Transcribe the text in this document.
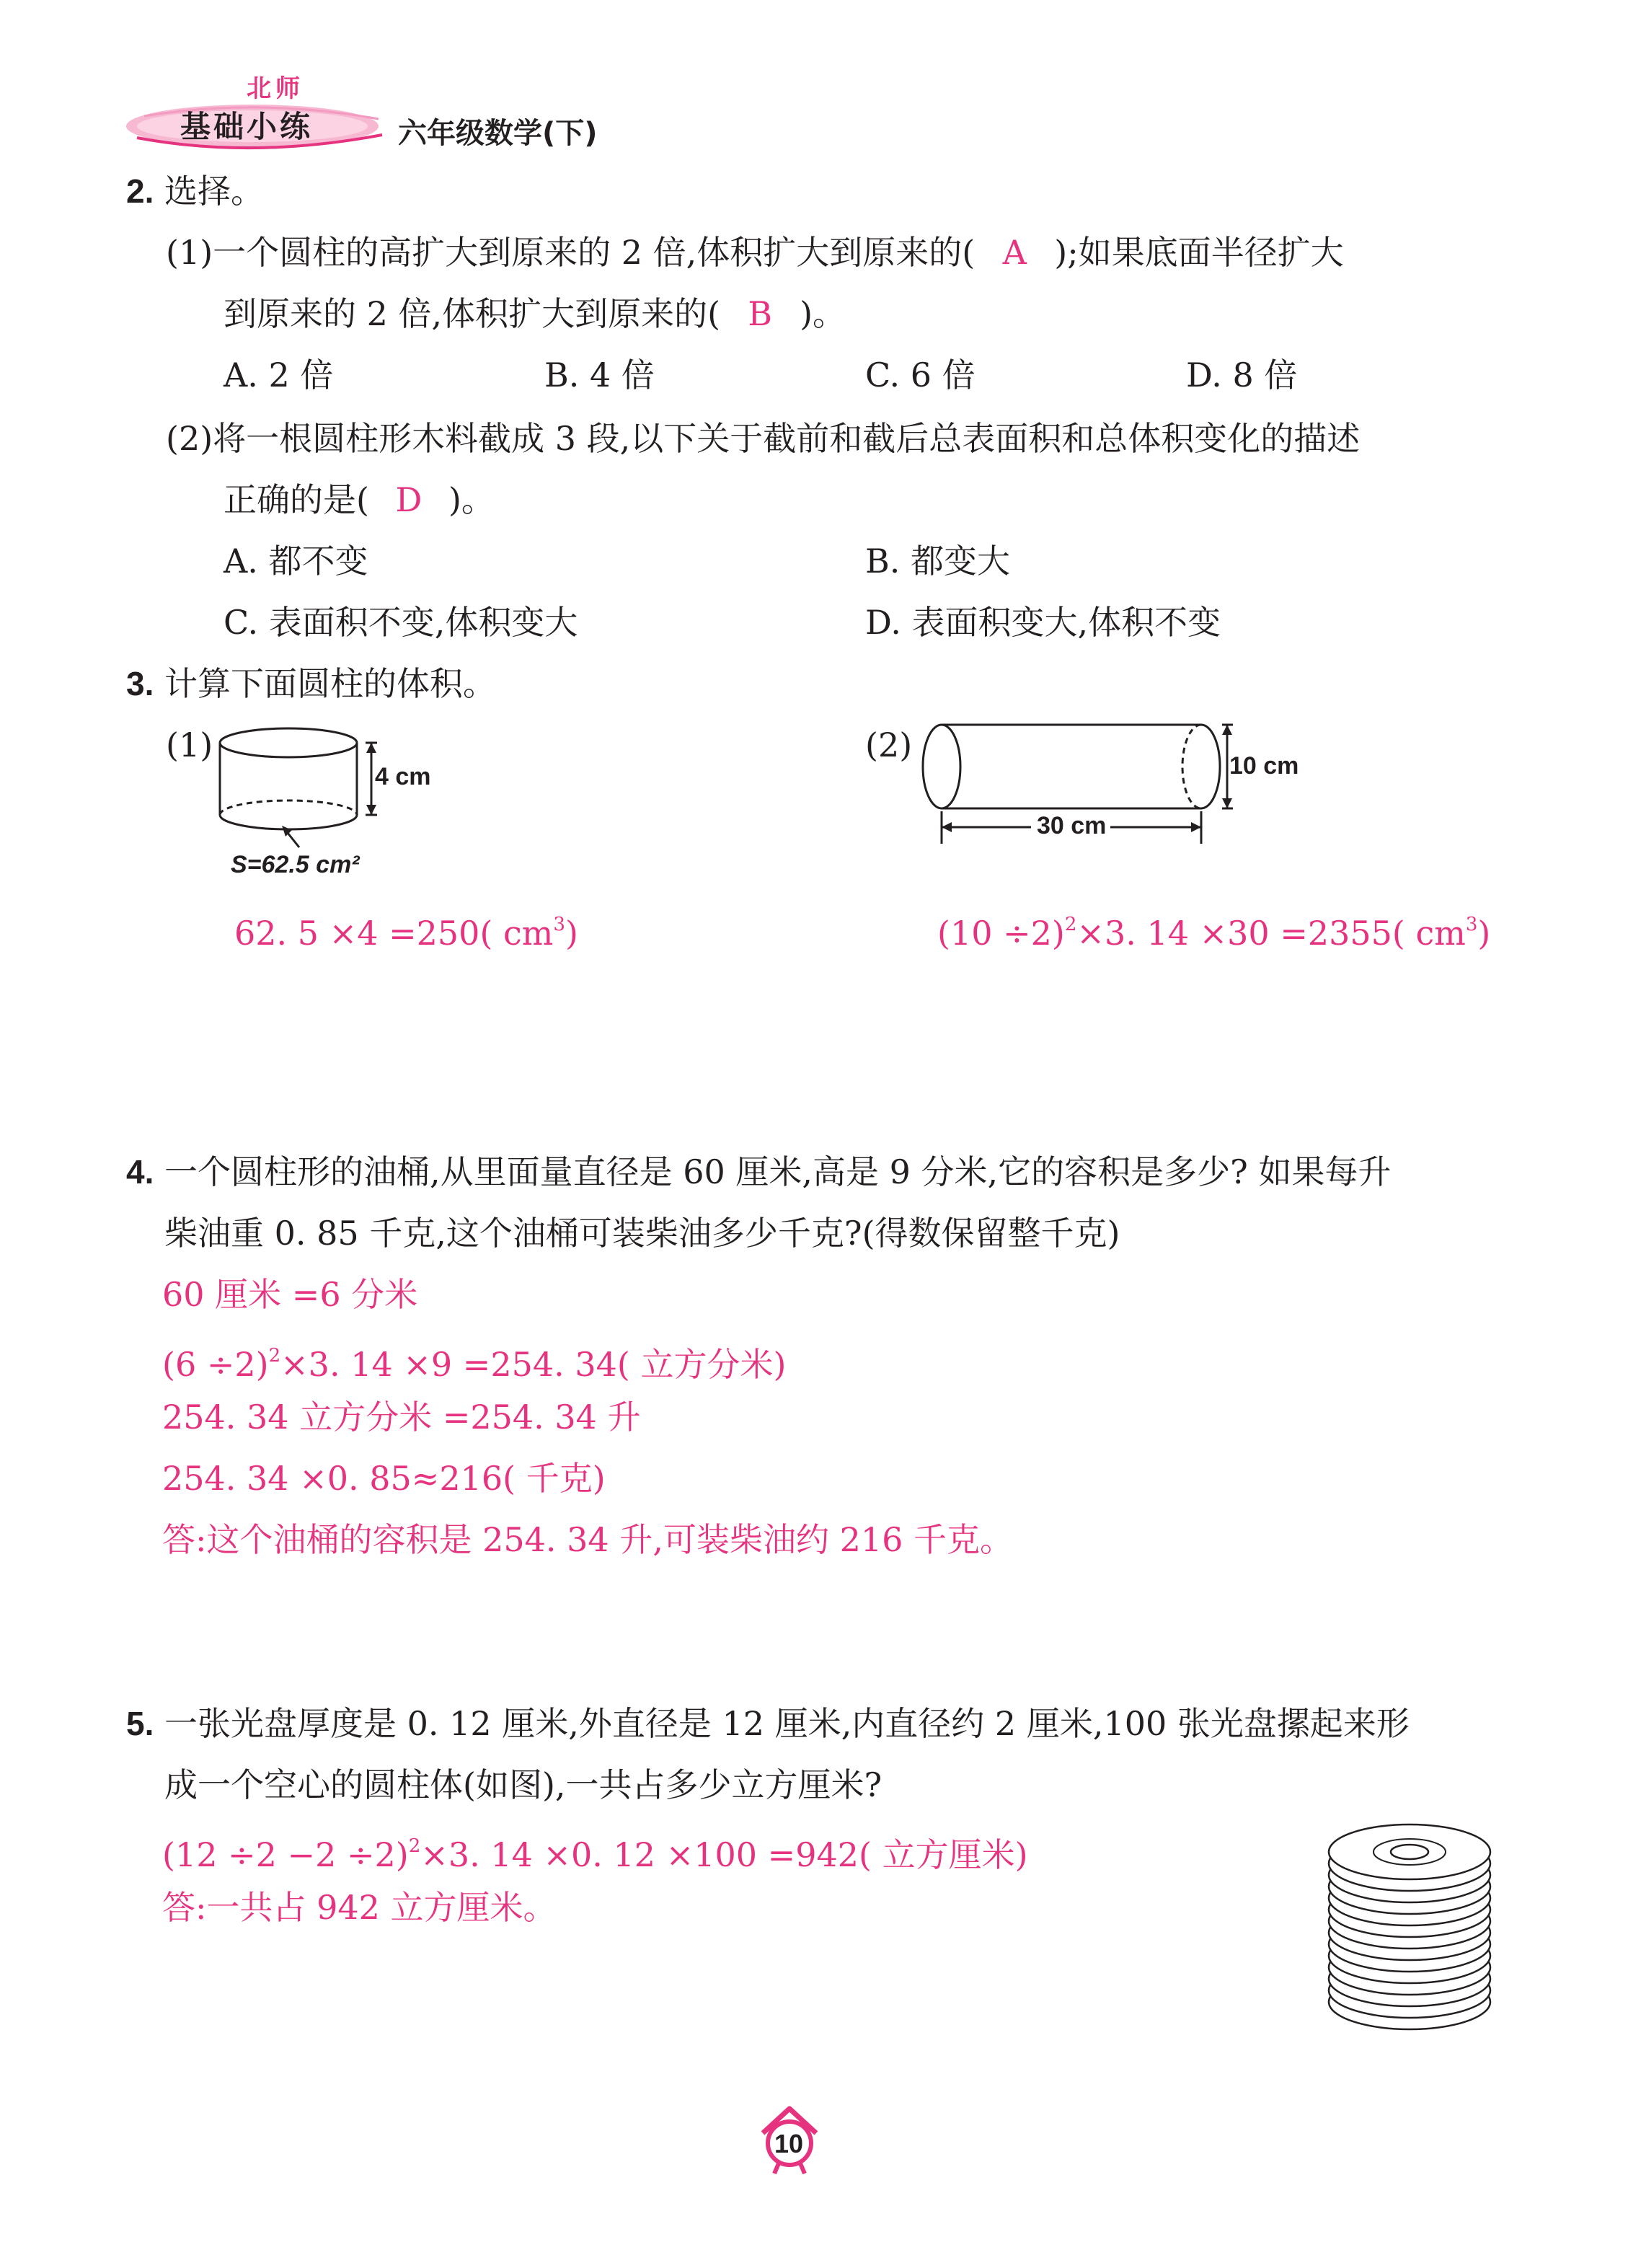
北师
基础小练	六年级数学(下)
2. 选择。
(1)一个圆柱的高扩大到原来的 2 倍,体积扩大到原来的( A );如果底面半径扩大
到原来的 2 倍,体积扩大到原来的( B )。
A. 2 倍	B. 4 倍	C. 6 倍	D. 8 倍
(2)将一根圆柱形木料截成 3 段,以下关于截前和截后总表面积和总体积变化的描述
正确的是( D )。
A. 都不变	B. 都变大
C. 表面积不变,体积变大	D. 表面积变大,体积不变
3. 计算下面圆柱的体积。
(1)
4 cm
S=62.5 cm²
62. 5 ×4 =250( $cm^3$)
(2)
10 cm
30 cm
$(10 \div 2)^2\times 3$. 14 ×30 =2355( $cm^3$)
4. 一个圆柱形的油桶,从里面量直径是 60 厘米,高是 9 分米,它的容积是多少? 如果每升
柴油重 0. 85 千克,这个油桶可装柴油多少千克?(得数保留整千克)
60 厘米 =6 分米
$(6 \div 2)^2\times 3$. 14 ×9 =254. 34( 立方分米)
254. 34 立方分米 =254. 34 升
254. 34 ×0. 85≈216( 千克)
答:这个油桶的容积是 254. 34 升,可装柴油约 216 千克。
5. 一张光盘厚度是 0. 12 厘米,外直径是 12 厘米,内直径约 2 厘米,100 张光盘摞起来形
成一个空心的圆柱体(如图),一共占多少立方厘米?
$(12 \div 2 -2 \div 2)^2\times 3$. 14 ×0. 12 ×100 =942( 立方厘米)
答:一共占 942 立方厘米。
10
